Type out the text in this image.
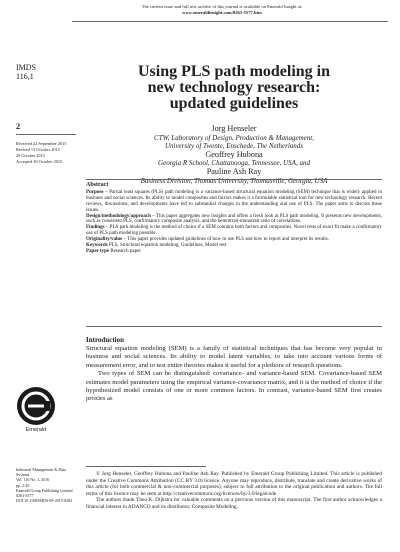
The current issue and full text archive of this journal is available on Emerald Insight at:
www.emeraldinsight.com/0263-5577.htm
IMDS
116,1
2
Received 22 September 2015
Revised 13 October 2015
29 October 2015
Accepted 30 October 2015
Using PLS path modeling in
new technology research:
updated guidelines
Jorg Henseler
CTW, Laboratory of Design, Production & Management,
University of Twente, Enschede, The Netherlands
Geoffrey Hubona
Georgia R School, Chattanooga, Tennessee, USA, and
Pauline Ash Ray
Business Division, Thomas University, Thomasville, Georgia, USA
Abstract

Purpose – Partial least squares (PLS) path modeling is a variance-based structural equation modeling (SEM) technique that is widely applied in business and social sciences. Its ability to model composites and factors makes it a formidable statistical tool for new technology research. Recent reviews, discussions, and developments have led to substantial changes in the understanding and use of PLS. The paper aims to discuss these issues.

Design/methodology/approach – This paper aggregates new insights and offers a fresh look at PLS path modeling. It presents new developments, such as consistent PLS, confirmatory composite analysis, and the heterotrait-monotrait ratio of correlations.

Findings – PLS path modeling is the method of choice if a SEM contains both factors and composites. Novel tests of exact fit make a confirmatory use of PLS path modeling possible.

Originality/value – This paper provides updated guidelines of how to use PLS and how to report and interpret its results.

Keywords PLS, Structural equation modeling, Guidelines, Model test

Paper type Research paper

Introduction

Structural equation modeling (SEM) is a family of statistical techniques that has become very popular in business and social sciences. Its ability to model latent variables, to take into account various forms of measurement error, and to test entire theories makes it useful for a plethora of research questions.

Two types of SEM can be distinguished: covariance- and variance-based SEM. Covariance-based SEM estimates model parameters using the empirical variance-covariance matrix, and it is the method of choice if the hypothesized model consists of one or more common factors. In contrast, variance-based SEM first creates proxies as

© Jorg Henseler, Geoffrey Hubona and Pauline Ash Ray. Published by Emerald Group Publishing Limited. This article is published under the Creative Commons Attribution (CC BY 3.0) licence. Anyone may reproduce, distribute, translate and create derivative works of this article (for both commercial & non-commercial purposes), subject to full attribution to the original publication and authors. The full terms of this licence may be seen at http://creativecommons.org/licences/by/3.0/legalcode

The authors thank Theo K. Dijkstra for valuable comments on a previous version of this manuscript. The first author acknowledges a financial interest in ADANCO and its distributor, Composite Modeling.

Emerald
Industrial Management & Data
Systems
Vol. 116 No. 1, 2016
pp. 2-20
Emerald Group Publishing Limited
0263-5577
DOI 10.1108/IMDS-09-2015-0382
